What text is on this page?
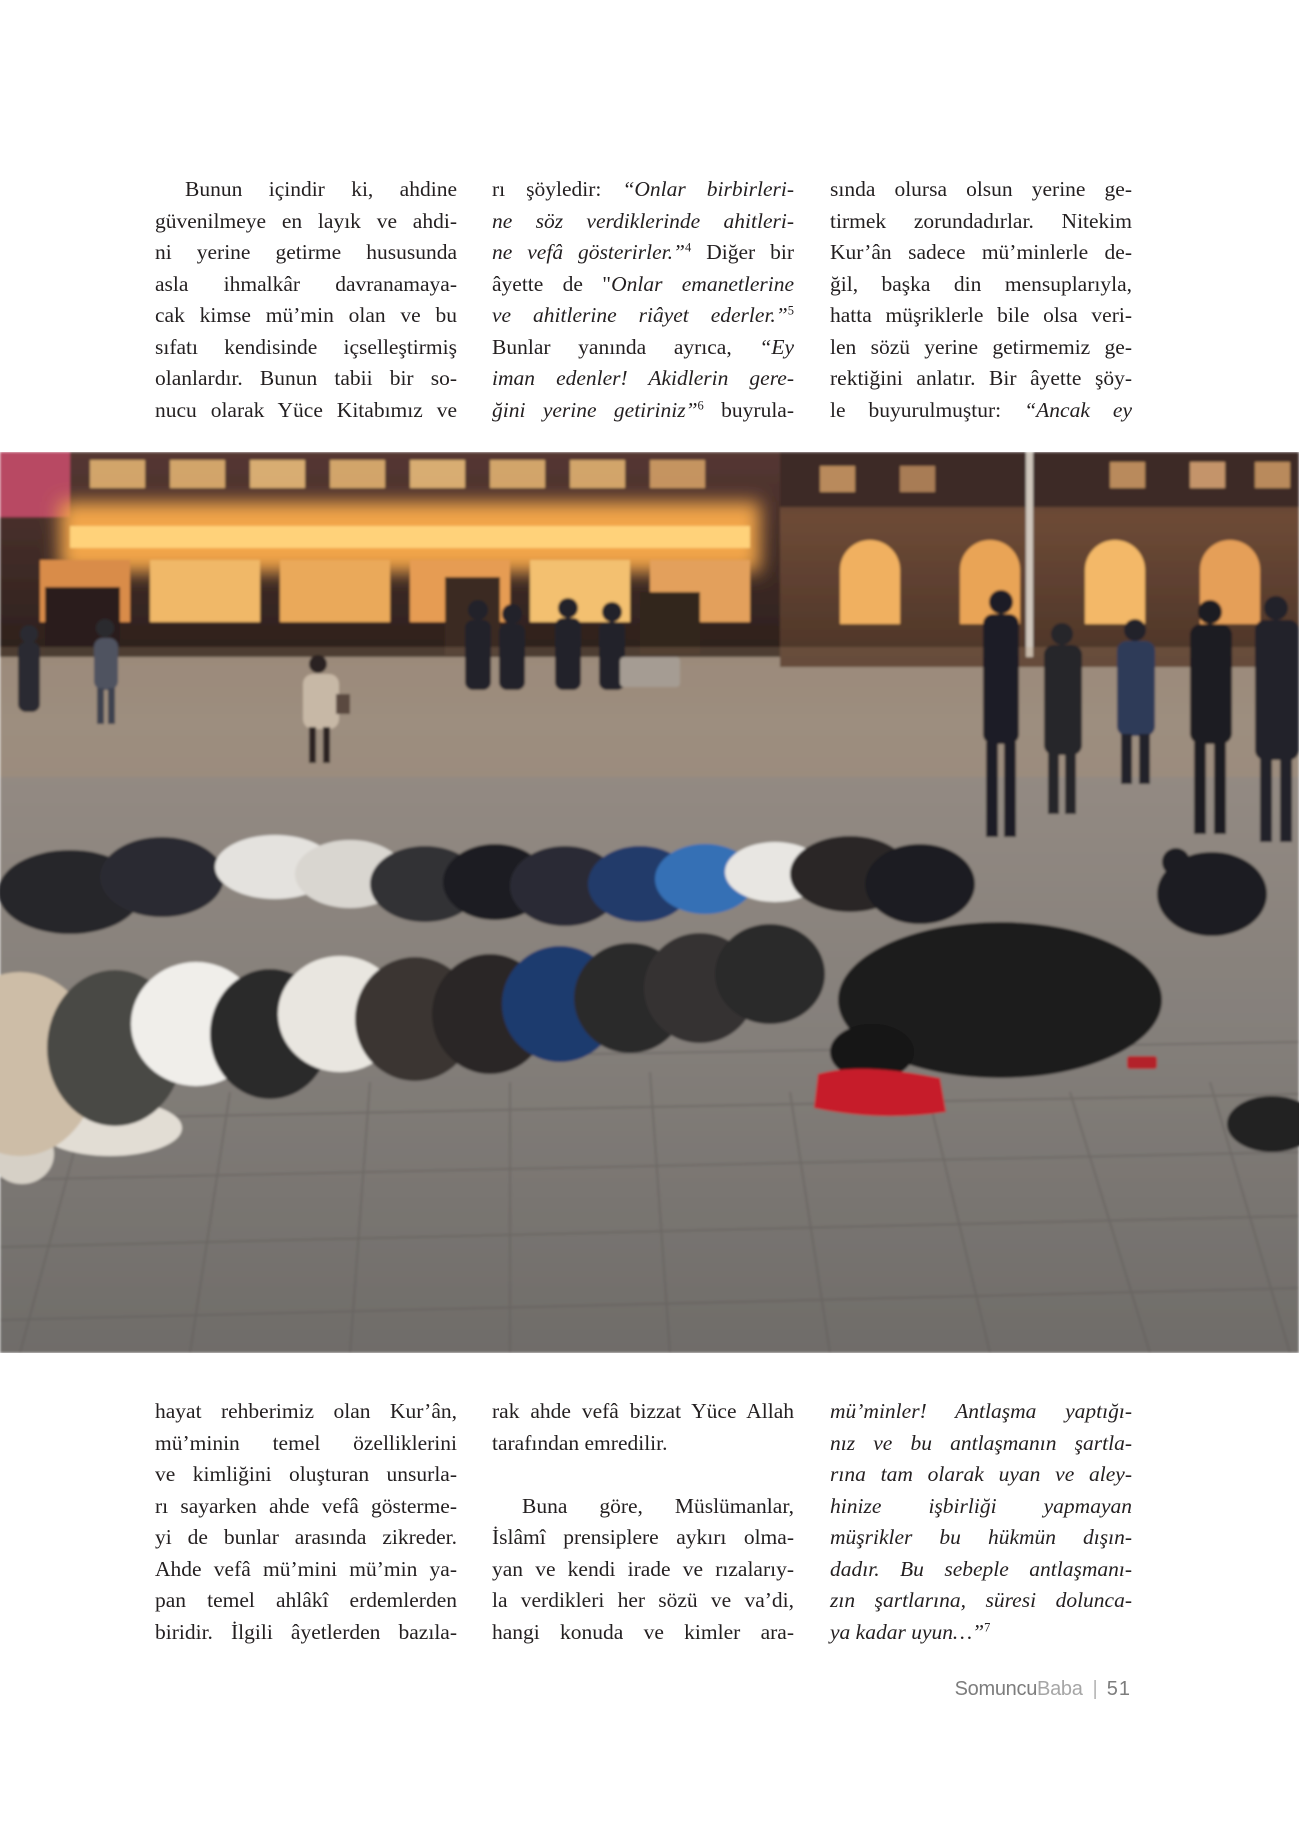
Bunun içindir ki, ahdine
güvenilmeye en layık ve ahdi-
ni yerine getirme hususunda
asla ihmalkâr davranamaya-
cak kimse mü’min olan ve bu
sıfatı kendisinde içselleştirmiş
olanlardır. Bunun tabii bir so-
nucu olarak Yüce Kitabımız ve
rı şöyledir: “Onlar birbirleri-
ne söz verdiklerinde ahitleri-
ne vefâ gösterirler.”$^4$ Diğer bir
âyette de "Onlar emanetlerine
ve ahitlerine riâyet ederler.”$^5$
Bunlar yanında ayrıca, “Ey
iman edenler! Akidlerin gere-
ğini yerine getiriniz”$^6$ buyrula-
sında olursa olsun yerine ge-
tirmek zorundadırlar. Nitekim
Kur’ân sadece mü’minlerle de-
ğil, başka din mensuplarıyla,
hatta müşriklerle bile olsa veri-
len sözü yerine getirmemiz ge-
rektiğini anlatır. Bir âyette şöy-
le buyurulmuştur: “Ancak ey
hayat rehberimiz olan Kur’ân,
mü’minin temel özelliklerini
ve kimliğini oluşturan unsurla-
rı sayarken ahde vefâ gösterme-
yi de bunlar arasında zikreder.
Ahde vefâ mü’mini mü’min ya-
pan temel ahlâkî erdemlerden
biridir. İlgili âyetlerden bazıla-
rak ahde vefâ bizzat Yüce Allah
tarafından emredilir.
Buna göre, Müslümanlar,
İslâmî prensiplere aykırı olma-
yan ve kendi irade ve rızalarıy-
la verdikleri her sözü ve va’di,
hangi konuda ve kimler ara-
mü’minler! Antlaşma yaptığı-
nız ve bu antlaşmanın şartla-
rına tam olarak uyan ve aley-
hinize işbirliği yapmayan
müşrikler bu hükmün dışın-
dadır. Bu sebeple antlaşmanı-
zın şartlarına, süresi dolunca-
ya kadar uyun…”$^7$
Somuncu Baba | 51
